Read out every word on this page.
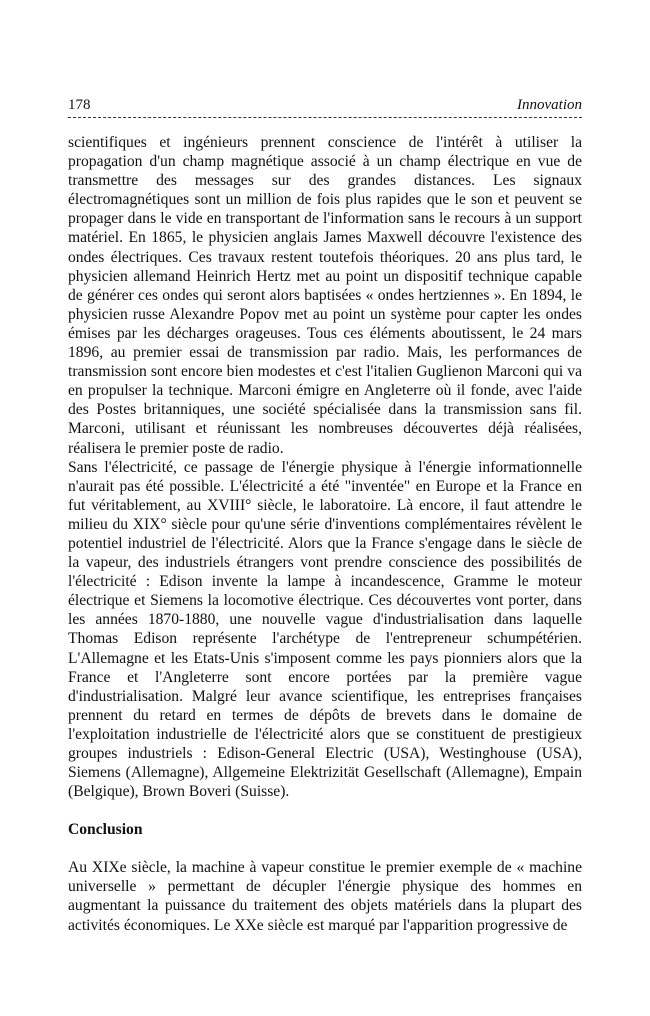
178	Innovation

scientifiques et ingénieurs prennent conscience de l'intérêt à utiliser la propagation d'un champ magnétique associé à un champ électrique en vue de transmettre des messages sur des grandes distances. Les signaux électromagnétiques sont un million de fois plus rapides que le son et peuvent se propager dans le vide en transportant de l'information sans le recours à un support matériel. En 1865, le physicien anglais James Maxwell découvre l'existence des ondes électriques. Ces travaux restent toutefois théoriques. 20 ans plus tard, le physicien allemand Heinrich Hertz met au point un dispositif technique capable de générer ces ondes qui seront alors baptisées « ondes hertziennes ». En 1894, le physicien russe Alexandre Popov met au point un système pour capter les ondes émises par les décharges orageuses. Tous ces éléments aboutissent, le 24 mars 1896, au premier essai de transmission par radio. Mais, les performances de transmission sont encore bien modestes et c'est l'italien Guglienon Marconi qui va en propulser la technique. Marconi émigre en Angleterre où il fonde, avec l'aide des Postes britanniques, une société spécialisée dans la transmission sans fil. Marconi, utilisant et réunissant les nombreuses découvertes déjà réalisées, réalisera le premier poste de radio.

Sans l'électricité, ce passage de l'énergie physique à l'énergie informationnelle n'aurait pas été possible. L'électricité a été "inventée" en Europe et la France en fut véritablement, au XVIII° siècle, le laboratoire. Là encore, il faut attendre le milieu du XIX° siècle pour qu'une série d'inventions complémentaires révèlent le potentiel industriel de l'électricité. Alors que la France s'engage dans le siècle de la vapeur, des industriels étrangers vont prendre conscience des possibilités de l'électricité : Edison invente la lampe à incandescence, Gramme le moteur électrique et Siemens la locomotive électrique. Ces découvertes vont porter, dans les années 1870-1880, une nouvelle vague d'industrialisation dans laquelle Thomas Edison représente l'archétype de l'entrepreneur schumpétérien. L'Allemagne et les Etats-Unis s'imposent comme les pays pionniers alors que la France et l'Angleterre sont encore portées par la première vague d'industrialisation. Malgré leur avance scientifique, les entreprises françaises prennent du retard en termes de dépôts de brevets dans le domaine de l'exploitation industrielle de l'électricité alors que se constituent de prestigieux groupes industriels : Edison-General Electric (USA), Westinghouse (USA), Siemens (Allemagne), Allgemeine Elektrizität Gesellschaft (Allemagne), Empain (Belgique), Brown Boveri (Suisse).

Conclusion

Au XIXe siècle, la machine à vapeur constitue le premier exemple de « machine universelle » permettant de décupler l'énergie physique des hommes en augmentant la puissance du traitement des objets matériels dans la plupart des activités économiques. Le XXe siècle est marqué par l'apparition progressive de
